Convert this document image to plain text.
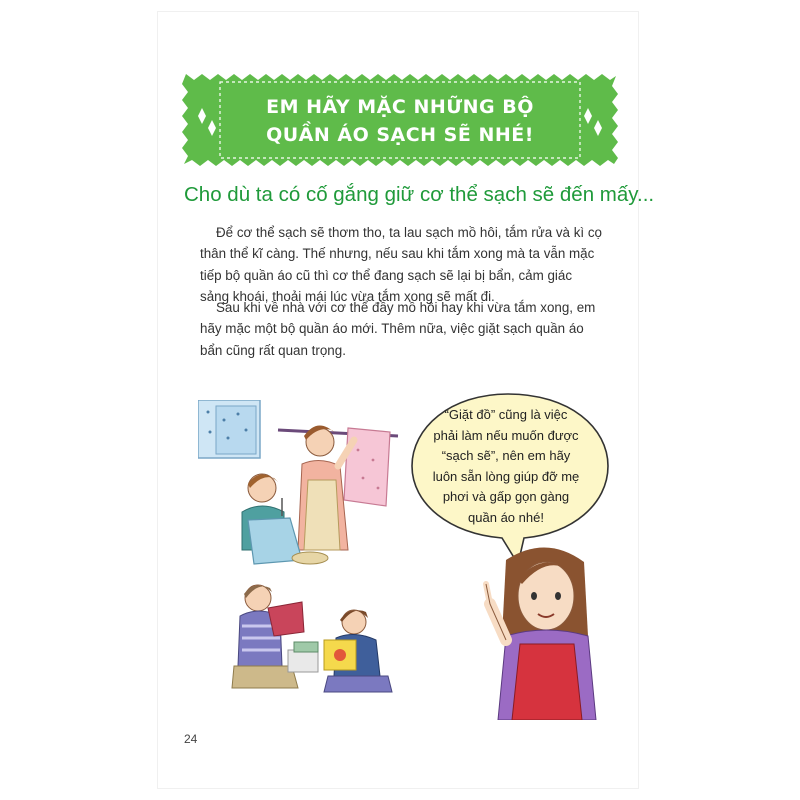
EM HÃY MẶC NHỮNG BỘ
QUẦN ÁO SẠCH SẼ NHÉ!
Cho dù ta có cố gắng giữ cơ thể sạch sẽ đến mấy...
Để cơ thể sạch sẽ thơm tho, ta lau sạch mồ hôi, tắm rửa và kì cọ
thân thể kĩ càng. Thế nhưng, nếu sau khi tắm xong mà ta vẫn mặc
tiếp bộ quần áo cũ thì cơ thể đang sạch sẽ lại bị bẩn, cảm giác
sảng khoái, thoải mái lúc vừa tắm xong sẽ mất đi.
Sau khi về nhà với cơ thể đầy mồ hôi hay khi vừa tắm xong, em
hãy mặc một bộ quần áo mới. Thêm nữa, việc giặt sạch quần áo
bẩn cũng rất quan trọng.
“Giặt đồ” cũng là việc
phải làm nếu muốn được
“sạch sẽ”, nên em hãy
luôn sẵn lòng giúp đỡ mẹ
phơi và gấp gọn gàng
quần áo nhé!
24
